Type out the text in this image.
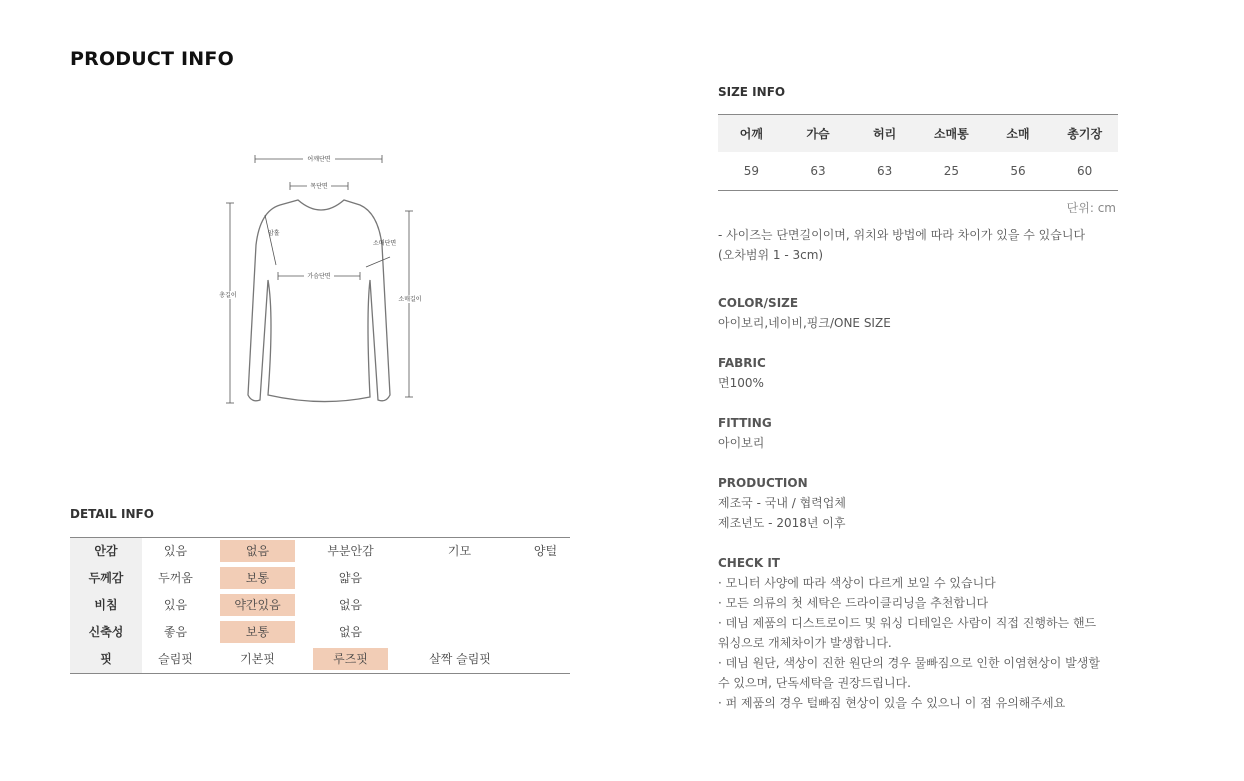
PRODUCT INFO
어깨단면
목단면
총길이
소매길이
암홀
소매단면
가슴단면
DETAIL INFO
안감	있음	없음	부분안감	기모	양털
두께감	두꺼움	보통	얇음
비침	있음	약간있음	없음
신축성	좋음	보통	없음
핏	슬림핏	기본핏	루즈핏	살짝 슬림핏
SIZE INFO
어깨	가슴	허리	소매통	소매	총기장
59	63	63	25	56	60
단위: cm
- 사이즈는 단면길이이며, 위치와 방법에 따라 차이가 있을 수 있습니다
(오차범위 1 - 3cm)
COLOR/SIZE
아이보리,네이비,핑크/ONE SIZE
FABRIC
면100%
FITTING
아이보리
PRODUCTION
제조국 - 국내 / 협력업체
제조년도 - 2018년 이후
CHECK IT
· 모니터 사양에 따라 색상이 다르게 보일 수 있습니다
· 모든 의류의 첫 세탁은 드라이클리닝을 추천합니다
· 데님 제품의 디스트로이드 및 워싱 디테일은 사람이 직접 진행하는 핸드
워싱으로 개체차이가 발생합니다.
· 데님 원단, 색상이 진한 원단의 경우 물빠짐으로 인한 이염현상이 발생할
수 있으며, 단독세탁을 권장드립니다.
· 퍼 제품의 경우 털빠짐 현상이 있을 수 있으니 이 점 유의해주세요
